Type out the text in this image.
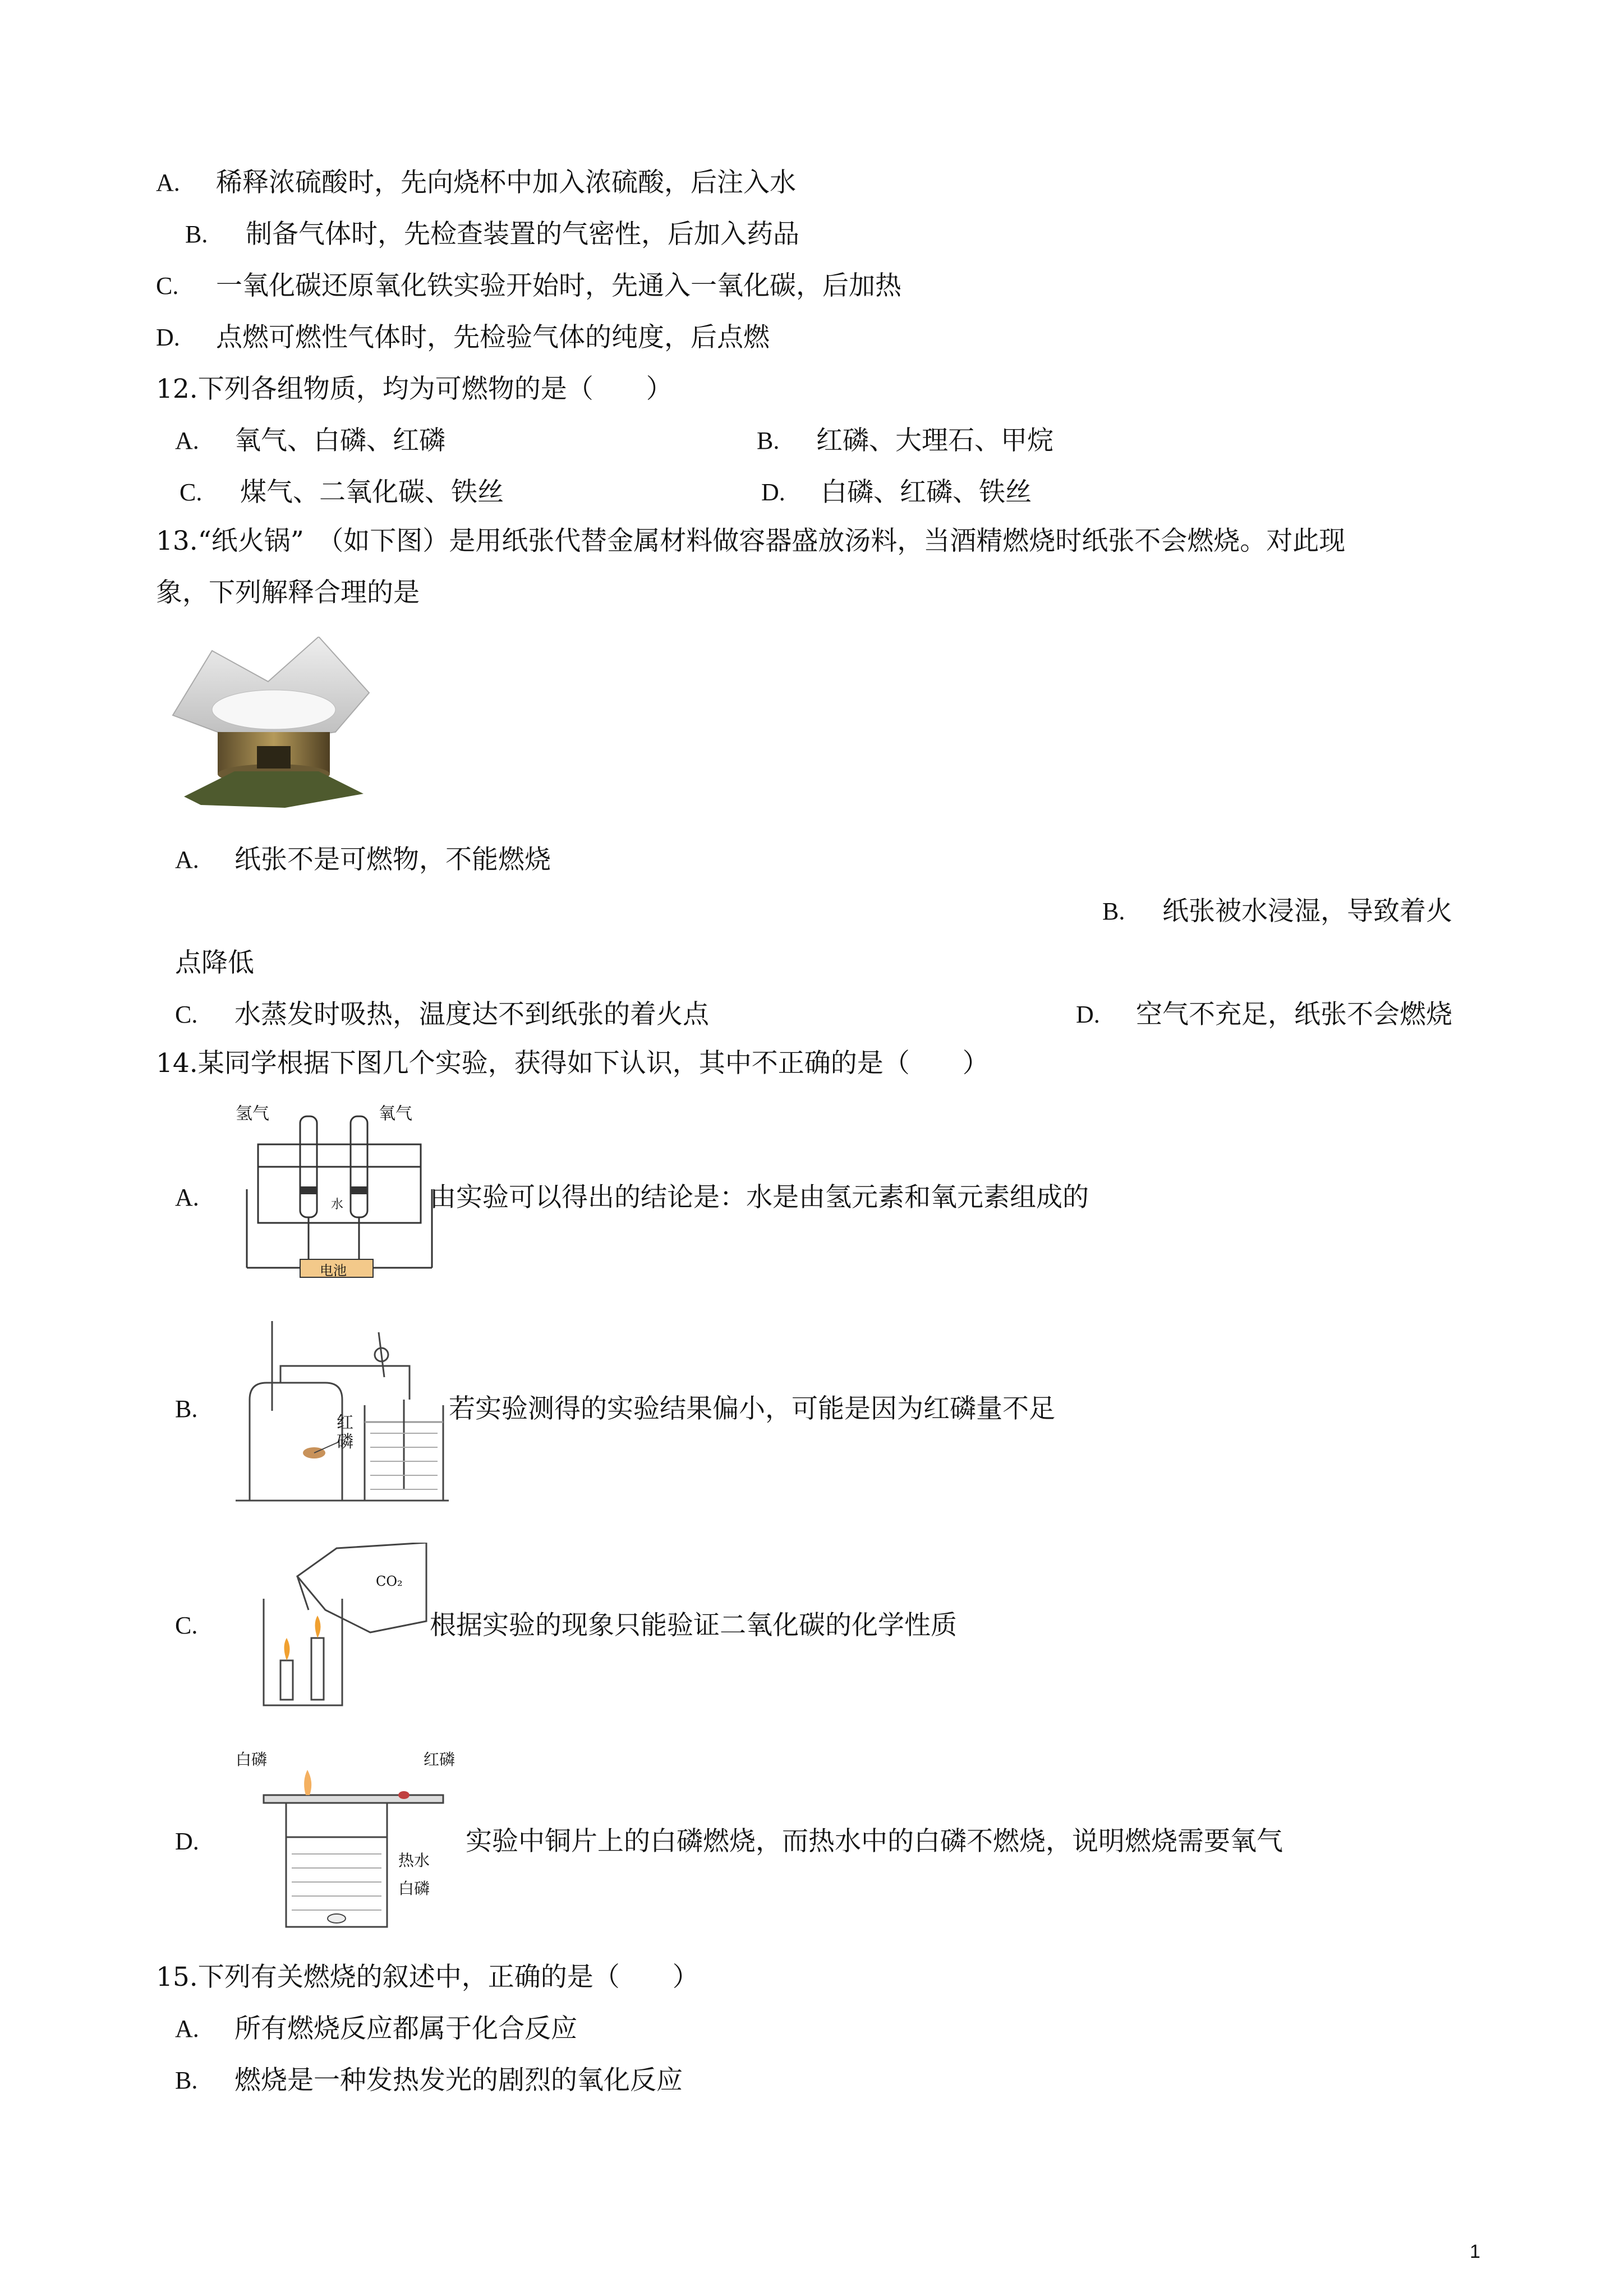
A. 稀释浓硫酸时，先向烧杯中加入浓硫酸，后注入水
B. 制备气体时，先检查装置的气密性，后加入药品
C. 一氧化碳还原氧化铁实验开始时，先通入一氧化碳，后加热
D. 点燃可燃性气体时，先检验气体的纯度，后点燃
12.下列各组物质，均为可燃物的是（　　）
A. 氧气、白磷、红磷	B. 红磷、大理石、甲烷
C. 煤气、二氧化碳、铁丝	D. 白磷、红磷、铁丝
13.“纸火锅”　（如下图）是用纸张代替金属材料做容器盛放汤料，当酒精燃烧时纸张不会燃烧。对此现
象，下列解释合理的是
A. 纸张不是可燃物，不能燃烧
B. 纸张被水浸湿，导致着火
点降低
C. 水蒸发时吸热，温度达不到纸张的着火点	D. 空气不充足，纸张不会燃烧
14.某同学根据下图几个实验，获得如下认识，其中不正确的是（　　）
氢气	氧气
水
电池
A.	由实验可以得出的结论是：水是由氢元素和氧元素组成的
红磷
B.	若实验测得的实验结果偏小，可能是因为红磷量不足
CO₂
C.	根据实验的现象只能验证二氧化碳的化学性质
白磷	红磷
热水
白磷
D.	实验中铜片上的白磷燃烧，而热水中的白磷不燃烧，说明燃烧需要氧气
15.下列有关燃烧的叙述中，正确的是（　　）
A. 所有燃烧反应都属于化合反应
B. 燃烧是一种发热发光的剧烈的氧化反应
1
